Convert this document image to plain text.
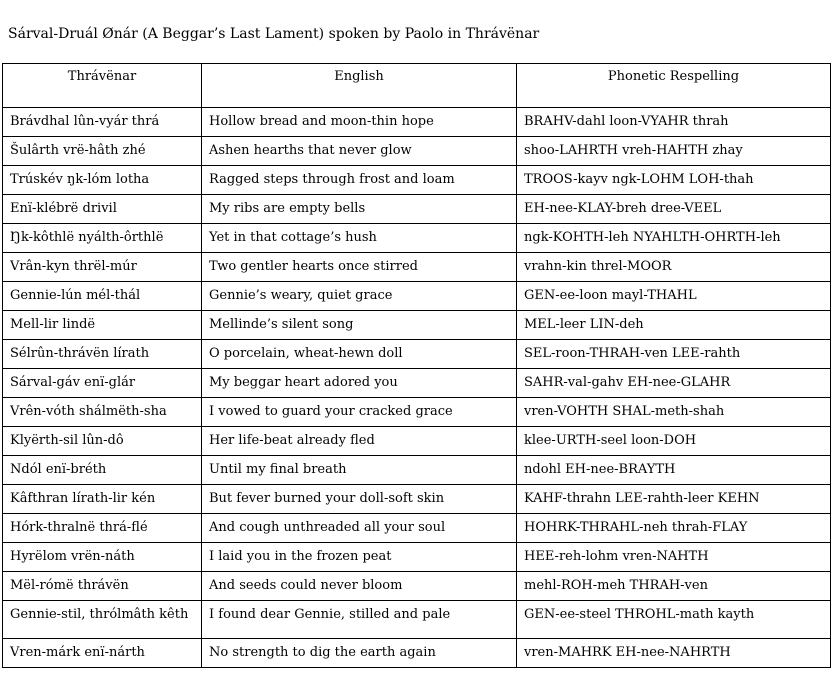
Sárval-Druál Ønár (A Beggar’s Last Lament) spoken by Paolo in Thrávënar
Thrávënar	English	Phonetic Respelling
Brávdhal lûn-vyár thrá	Hollow bread and moon-thin hope	BRAHV-dahl loon-VYAHR thrah
Šulârth vrë-hâth zhé	Ashen hearths that never glow	shoo-LAHRTH vreh-HAHTH zhay
Trúskév ŋk-lóm lotha	Ragged steps through frost and loam	TROOS-kayv ngk-LOHM LOH-thah
Enï-klébrë drivil	My ribs are empty bells	EH-nee-KLAY-breh dree-VEEL
Ŋk-kôthlë nyálth-ôrthlë	Yet in that cottage’s hush	ngk-KOHTH-leh NYAHLTH-OHRTH-leh
Vrân-kyn thrël-múr	Two gentler hearts once stirred	vrahn-kin threl-MOOR
Gennie-lún mél-thál	Gennie’s weary, quiet grace	GEN-ee-loon mayl-THAHL
Mell-lir lindë	Mellinde’s silent song	MEL-leer LIN-deh
Sélrûn-thrávën lírath	O porcelain, wheat-hewn doll	SEL-roon-THRAH-ven LEE-rahth
Sárval-gáv enï-glár	My beggar heart adored you	SAHR-val-gahv EH-nee-GLAHR
Vrên-vóth shálmëth-sha	I vowed to guard your cracked grace	vren-VOHTH SHAL-meth-shah
Klyërth-sil lûn-dô	Her life-beat already fled	klee-URTH-seel loon-DOH
Ndól enï-bréth	Until my final breath	ndohl EH-nee-BRAYTH
Kâfthran lírath-lir kén	But fever burned your doll-soft skin	KAHF-thrahn LEE-rahth-leer KEHN
Hórk-thralnë thrá-flé	And cough unthreaded all your soul	HOHRK-THRAHL-neh thrah-FLAY
Hyrëlom vrën-náth	I laid you in the frozen peat	HEE-reh-lohm vren-NAHTH
Mël-rómë thrávën	And seeds could never bloom	mehl-ROH-meh THRAH-ven
Gennie-stil, thrólmâth kêth	I found dear Gennie, stilled and pale	GEN-ee-steel THROHL-math kayth
Vren-márk enï-nárth	No strength to dig the earth again	vren-MAHRK EH-nee-NAHRTH
